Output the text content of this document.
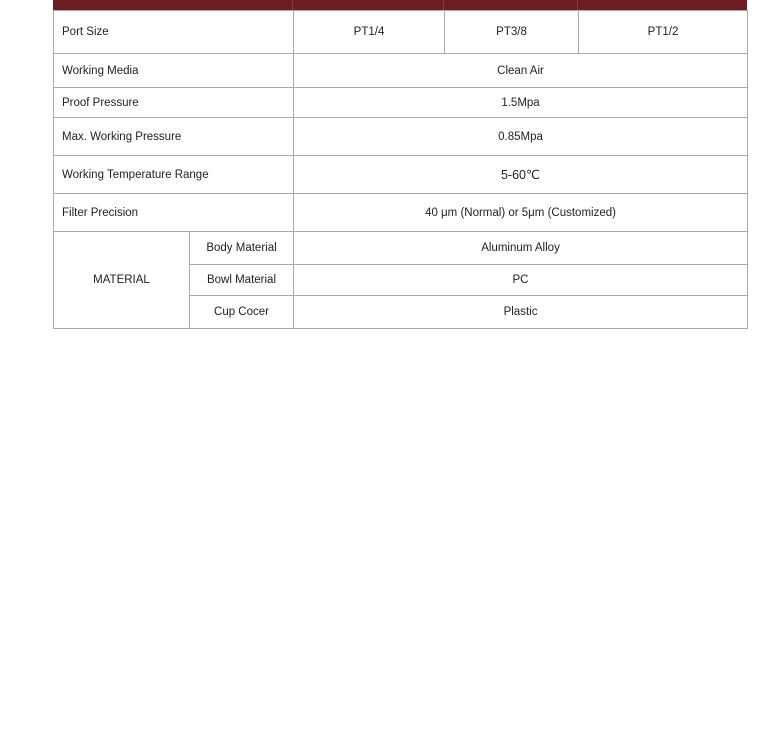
Port Size		PT1/4	PT3/8	PT1/2
Working Media		Clean Air		
Proof Pressure		1.5Mpa		
Max. Working Pressure		0.85Mpa		
Working Temperature Range		5-60℃		
Filter Precision		40 μm (Normal) or 5μm (Customized)		
MATERIAL	Body Material	Aluminum Alloy		
	Bowl Material	PC		
	Cup Cocer	Plastic		
